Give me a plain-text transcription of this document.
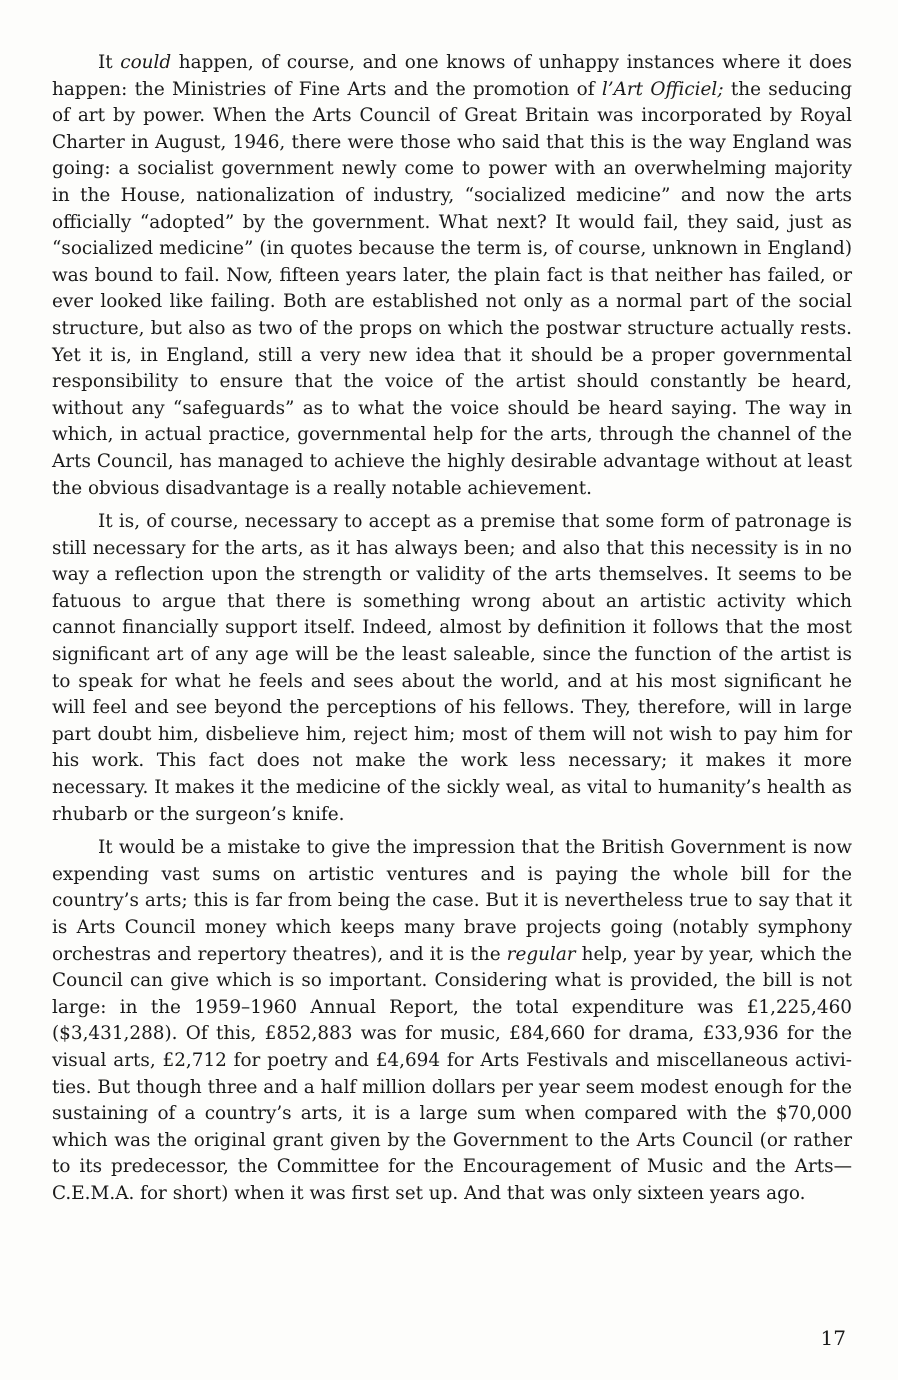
It could happen, of course, and one knows of unhappy instances where it does happen: the Ministries of Fine Arts and the promotion of l’Art Officiel; the seducing of art by power. When the Arts Council of Great Britain was incorporated by Royal Charter in August, 1946, there were those who said that this is the way England was going: a socialist government newly come to power with an overwhelming majority in the House, nationalization of industry, “socialized medicine” and now the arts officially “adopted” by the government. What next? It would fail, they said, just as “socialized medicine” (in quotes because the term is, of course, unknown in England) was bound to fail. Now, fifteen years later, the plain fact is that neither has failed, or ever looked like failing. Both are established not only as a normal part of the social structure, but also as two of the props on which the postwar structure actually rests. Yet it is, in England, still a very new idea that it should be a proper governmental responsibility to ensure that the voice of the artist should constantly be heard, without any “safeguards” as to what the voice should be heard saying. The way in which, in actual practice, governmental help for the arts, through the channel of the Arts Council, has managed to achieve the highly desirable advantage without at least the obvious disadvantage is a really notable achievement.

It is, of course, necessary to accept as a premise that some form of patronage is still necessary for the arts, as it has always been; and also that this necessity is in no way a reflection upon the strength or validity of the arts themselves. It seems to be fatuous to argue that there is something wrong about an artistic activity which cannot financially support itself. Indeed, almost by definition it follows that the most significant art of any age will be the least saleable, since the function of the artist is to speak for what he feels and sees about the world, and at his most significant he will feel and see beyond the perceptions of his fellows. They, therefore, will in large part doubt him, disbelieve him, reject him; most of them will not wish to pay him for his work. This fact does not make the work less necessary; it makes it more necessary. It makes it the medicine of the sickly weal, as vital to humanity’s health as rhubarb or the surgeon’s knife.

It would be a mistake to give the impression that the British Government is now expending vast sums on artistic ventures and is paying the whole bill for the country’s arts; this is far from being the case. But it is nevertheless true to say that it is Arts Council money which keeps many brave projects going (notably symphony orchestras and repertory theatres), and it is the regular help, year by year, which the Council can give which is so important. Considering what is provided, the bill is not large: in the 1959–1960 Annual Report, the total expenditure was £1,225,460 ($3,431,288). Of this, £852,883 was for music, £84,660 for drama, £33,936 for the visual arts, £2,712 for poetry and £4,694 for Arts Festivals and miscellaneous activities. But though three and a half million dollars per year seem modest enough for the sustaining of a country’s arts, it is a large sum when compared with the $70,000 which was the original grant given by the Government to the Arts Council (or rather to its predecessor, the Committee for the Encouragement of Music and the Arts—C.E.M.A. for short) when it was first set up. And that was only sixteen years ago.

17
